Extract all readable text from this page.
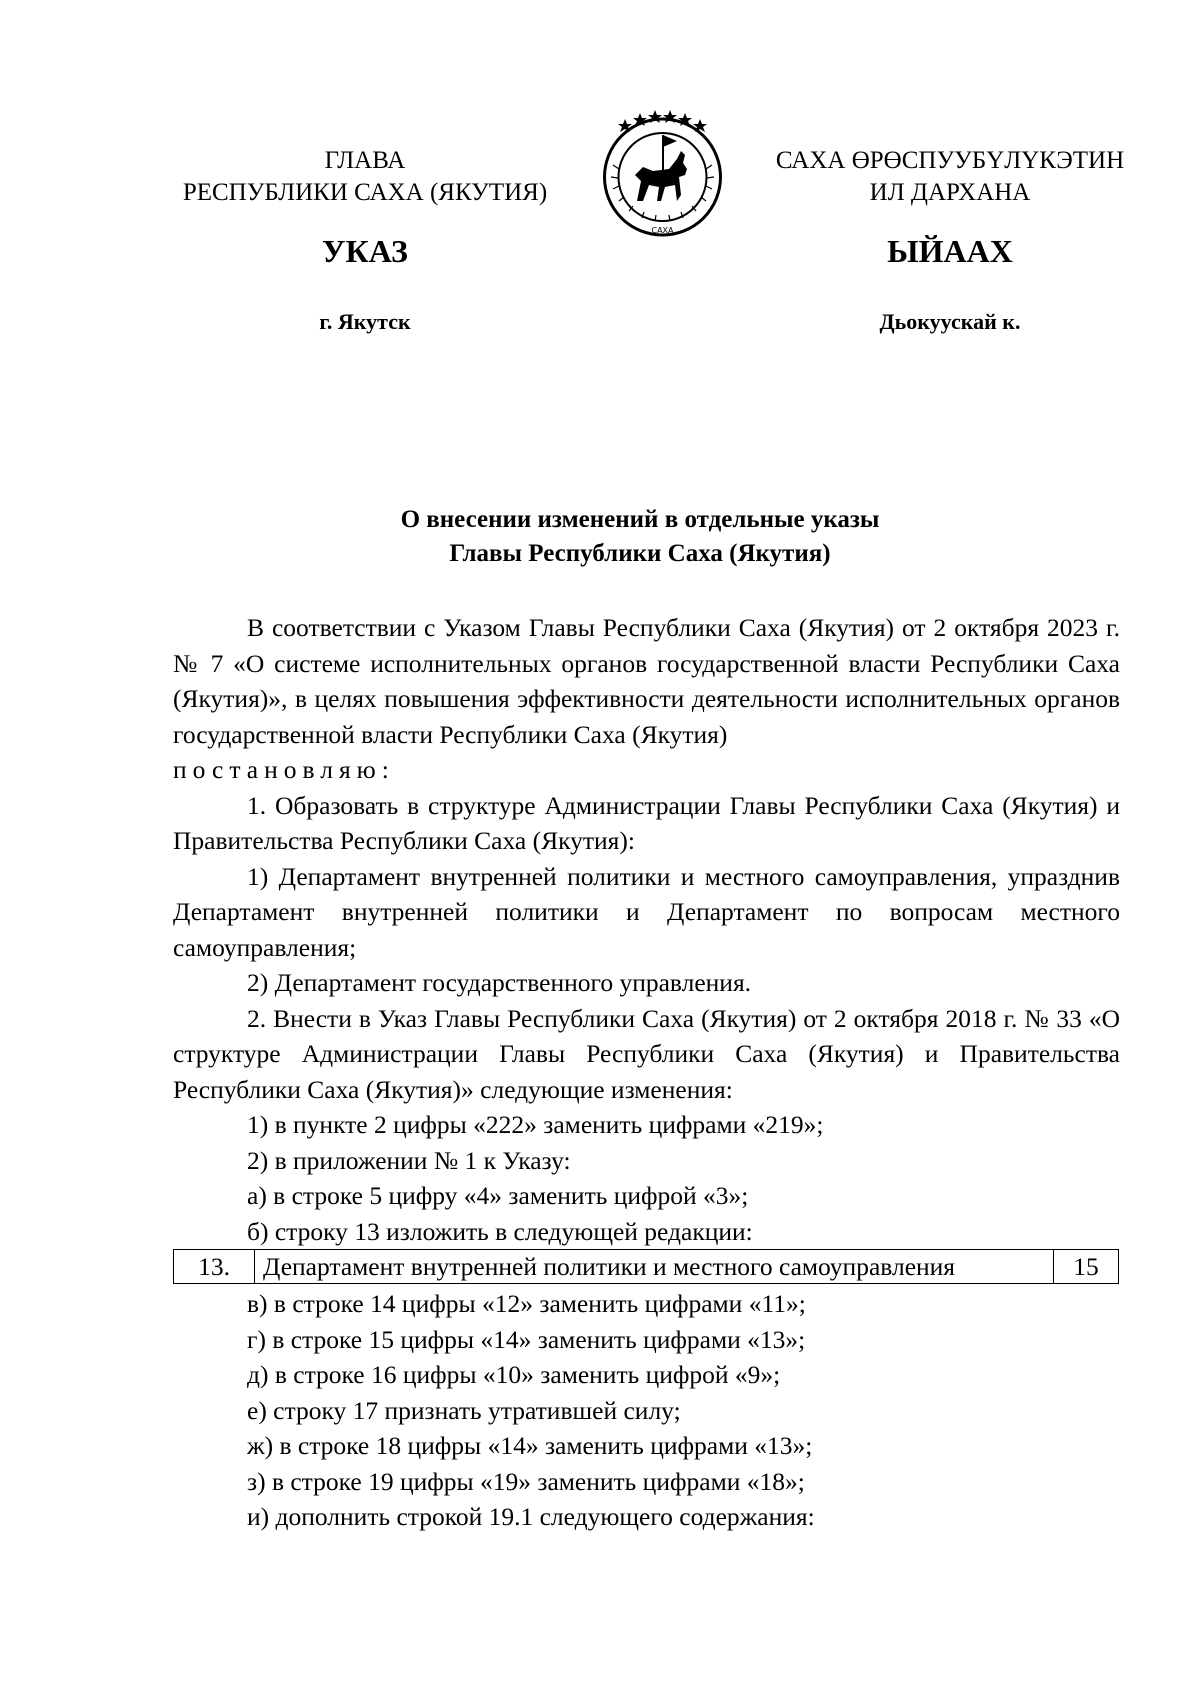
ГЛАВА
РЕСПУБЛИКИ САХА (ЯКУТИЯ)
УКАЗ
г. Якутск
САХА
САХА ӨРӨСПУУБҮЛҮКЭТИН
ИЛ ДАРХАНА
ЫЙААХ
Дьокуускай к.
О внесении изменений в отдельные указы
Главы Республики Саха (Якутия)

В соответствии с Указом Главы Республики Саха (Якутия) от 2 октября 2023 г. № 7 «О системе исполнительных органов государственной власти Республики Саха (Якутия)», в целях повышения эффективности деятельности исполнительных органов государственной власти Республики Саха (Якутия)

постановляю:

1. Образовать в структуре Администрации Главы Республики Саха (Якутия) и Правительства Республики Саха (Якутия):

1) Департамент внутренней политики и местного самоуправления, упразднив Департамент внутренней политики и Департамент по вопросам местного самоуправления;

2) Департамент государственного управления.

2. Внести в Указ Главы Республики Саха (Якутия) от 2 октября 2018 г. № 33 «О структуре Администрации Главы Республики Саха (Якутия) и Правительства Республики Саха (Якутия)» следующие изменения:

1) в пункте 2 цифры «222» заменить цифрами «219»;

2) в приложении № 1 к Указу:

а) в строке 5 цифру «4» заменить цифрой «3»;

б) строку 13 изложить в следующей редакции:

13.	Департамент внутренней политики и местного самоуправления	15

в) в строке 14 цифры «12» заменить цифрами «11»;

г) в строке 15 цифры «14» заменить цифрами «13»;

д) в строке 16 цифры «10» заменить цифрой «9»;

е) строку 17 признать утратившей силу;

ж) в строке 18 цифры «14» заменить цифрами «13»;

з) в строке 19 цифры «19» заменить цифрами «18»;

и) дополнить строкой 19.1 следующего содержания:
